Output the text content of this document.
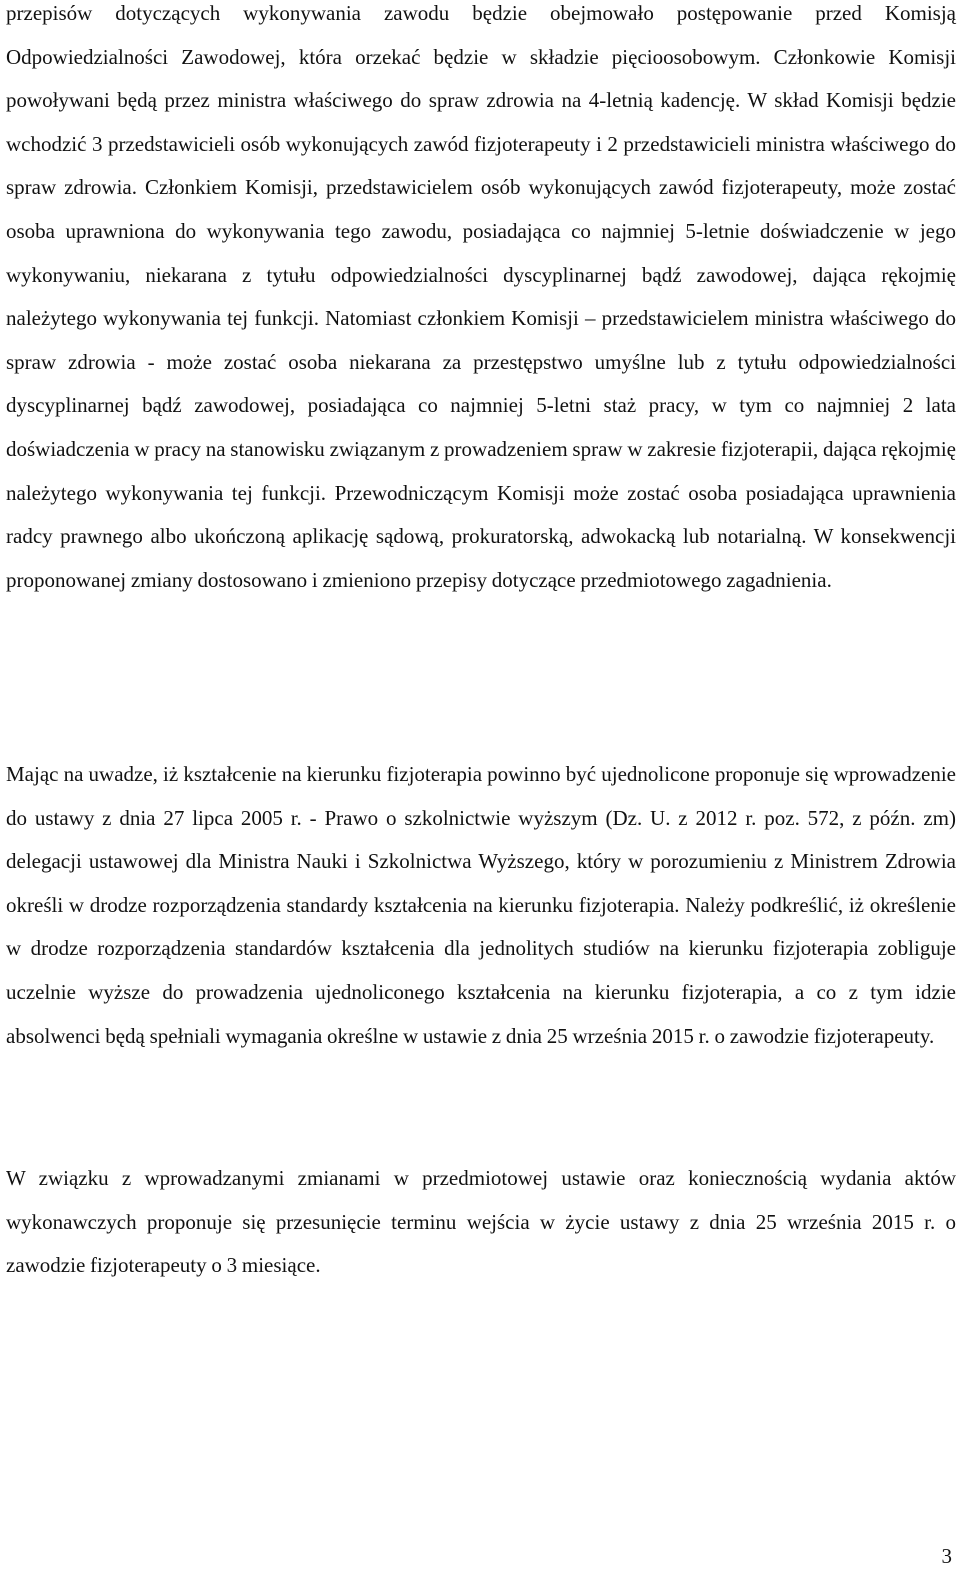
przepisów dotyczących wykonywania zawodu będzie obejmowało postępowanie przed Komisją Odpowiedzialności Zawodowej, która orzekać będzie w składzie pięcioosobowym. Członkowie Komisji powoływani będą przez ministra właściwego do spraw zdrowia na 4-letnią kadencję. W skład Komisji będzie wchodzić 3 przedstawicieli osób wykonujących zawód fizjoterapeuty i 2 przedstawicieli ministra właściwego do spraw zdrowia. Członkiem Komisji, przedstawicielem osób wykonujących zawód fizjoterapeuty, może zostać osoba uprawniona do wykonywania tego zawodu, posiadająca co najmniej 5-letnie doświadczenie w jego wykonywaniu, niekarana z tytułu odpowiedzialności dyscyplinarnej bądź zawodowej, dająca rękojmię należytego wykonywania tej funkcji. Natomiast członkiem Komisji – przedstawicielem ministra właściwego do spraw zdrowia - może zostać osoba niekarana za przestępstwo umyślne lub z tytułu odpowiedzialności dyscyplinarnej bądź zawodowej, posiadająca co najmniej 5-letni staż pracy, w tym co najmniej 2 lata doświadczenia w pracy na stanowisku związanym z prowadzeniem spraw w zakresie fizjoterapii, dająca rękojmię należytego wykonywania tej funkcji. Przewodniczącym Komisji może zostać osoba posiadająca uprawnienia radcy prawnego albo ukończoną aplikację sądową, prokuratorską, adwokacką lub notarialną. W konsekwencji proponowanej zmiany dostosowano i zmieniono przepisy dotyczące przedmiotowego zagadnienia.

Mając na uwadze, iż kształcenie na kierunku fizjoterapia powinno być ujednolicone proponuje się wprowadzenie do ustawy z dnia 27 lipca 2005 r. - Prawo o szkolnictwie wyższym (Dz. U. z 2012 r. poz. 572, z późn. zm) delegacji ustawowej dla Ministra Nauki i Szkolnictwa Wyższego, który w porozumieniu z Ministrem Zdrowia określi w drodze rozporządzenia standardy kształcenia na kierunku fizjoterapia. Należy podkreślić, iż określenie w drodze rozporządzenia standardów kształcenia dla jednolitych studiów na kierunku fizjoterapia zobliguje uczelnie wyższe do prowadzenia ujednoliconego kształcenia na kierunku fizjoterapia, a co z tym idzie absolwenci będą spełniali wymagania określne w ustawie z dnia 25 września 2015 r. o zawodzie fizjoterapeuty.

W związku z wprowadzanymi zmianami w przedmiotowej ustawie oraz koniecznością wydania aktów wykonawczych proponuje się przesunięcie terminu wejścia w życie ustawy z dnia 25 września 2015 r. o zawodzie fizjoterapeuty o 3 miesiące.

3
